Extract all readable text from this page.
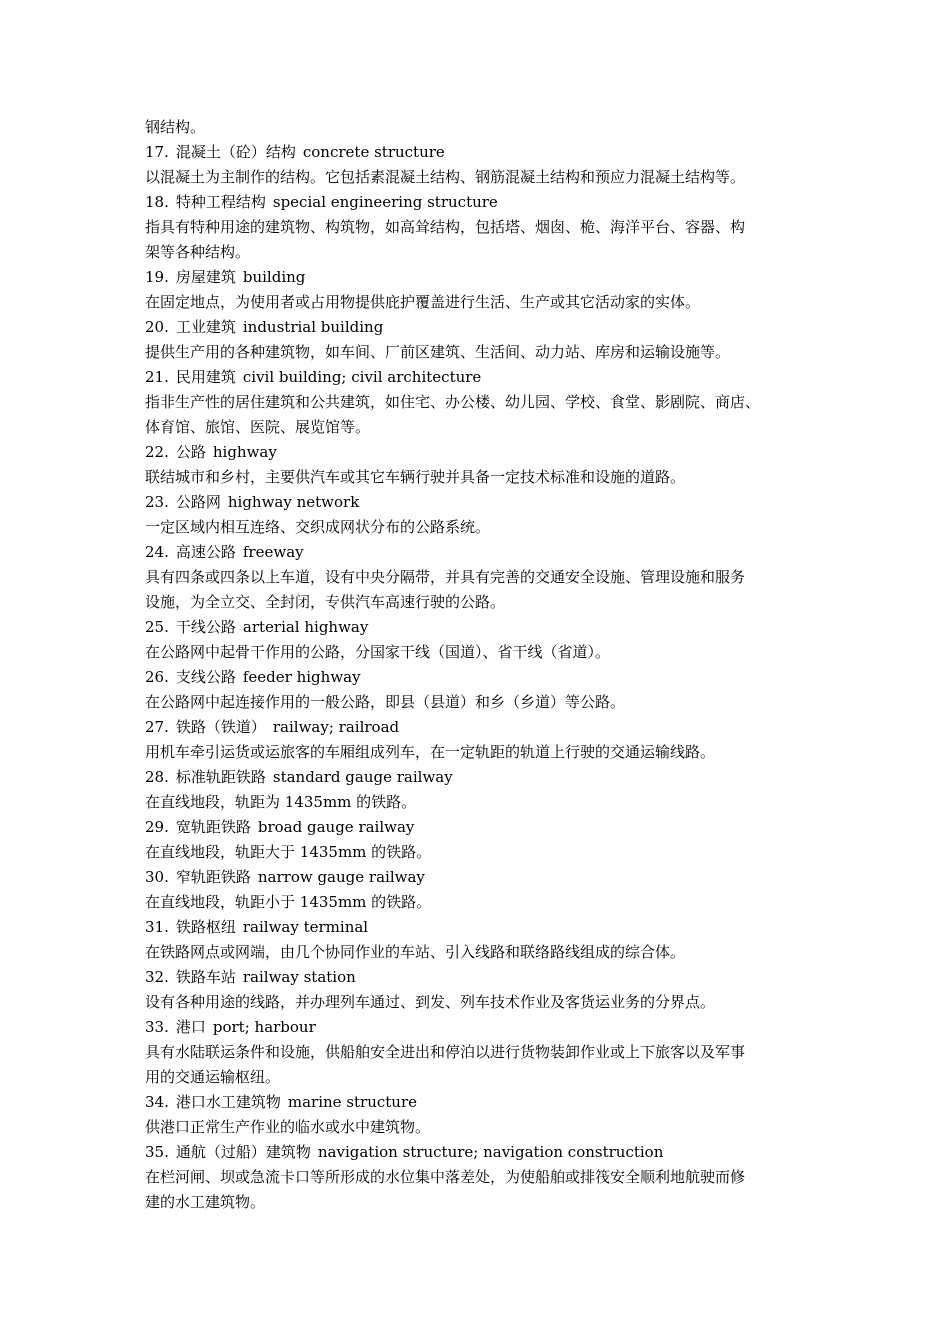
钢结构。
17. 混凝土（砼）结构 concrete structure
以混凝土为主制作的结构。它包括素混凝土结构、钢筋混凝土结构和预应力混凝土结构等。
18. 特种工程结构 special engineering structure
指具有特种用途的建筑物、构筑物，如高耸结构，包括塔、烟囱、桅、海洋平台、容器、构
架等各种结构。
19. 房屋建筑 building
在固定地点，为使用者或占用物提供庇护覆盖进行生活、生产或其它活动家的实体。
20. 工业建筑 industrial building
提供生产用的各种建筑物，如车间、厂前区建筑、生活间、动力站、库房和运输设施等。
21. 民用建筑 civil building; civil architecture
指非生产性的居住建筑和公共建筑，如住宅、办公楼、幼儿园、学校、食堂、影剧院、商店、
体育馆、旅馆、医院、展览馆等。
22. 公路 highway
联结城市和乡村，主要供汽车或其它车辆行驶并具备一定技术标准和设施的道路。
23. 公路网 highway network
一定区域内相互连络、交织成网状分布的公路系统。
24. 高速公路 freeway
具有四条或四条以上车道，设有中央分隔带，并具有完善的交通安全设施、管理设施和服务
设施，为全立交、全封闭，专供汽车高速行驶的公路。
25. 干线公路 arterial highway
在公路网中起骨干作用的公路，分国家干线（国道）、省干线（省道）。
26. 支线公路 feeder highway
在公路网中起连接作用的一般公路，即县（县道）和乡（乡道）等公路。
27. 铁路（铁道） railway; railroad
用机车牵引运货或运旅客的车厢组成列车，在一定轨距的轨道上行驶的交通运输线路。
28. 标准轨距铁路 standard gauge railway
在直线地段，轨距为 1435mm 的铁路。
29. 宽轨距铁路 broad gauge railway
在直线地段，轨距大于 1435mm 的铁路。
30. 窄轨距铁路 narrow gauge railway
在直线地段，轨距小于 1435mm 的铁路。
31. 铁路枢纽 railway terminal
在铁路网点或网端，由几个协同作业的车站、引入线路和联络路线组成的综合体。
32. 铁路车站 railway station
设有各种用途的线路，并办理列车通过、到发、列车技术作业及客货运业务的分界点。
33. 港口 port; harbour
具有水陆联运条件和设施，供船舶安全进出和停泊以进行货物装卸作业或上下旅客以及军事
用的交通运输枢纽。
34. 港口水工建筑物 marine structure
供港口正常生产作业的临水或水中建筑物。
35. 通航（过船）建筑物 navigation structure; navigation construction
在栏河闸、坝或急流卡口等所形成的水位集中落差处，为使船舶或排筏安全顺利地航驶而修
建的水工建筑物。
